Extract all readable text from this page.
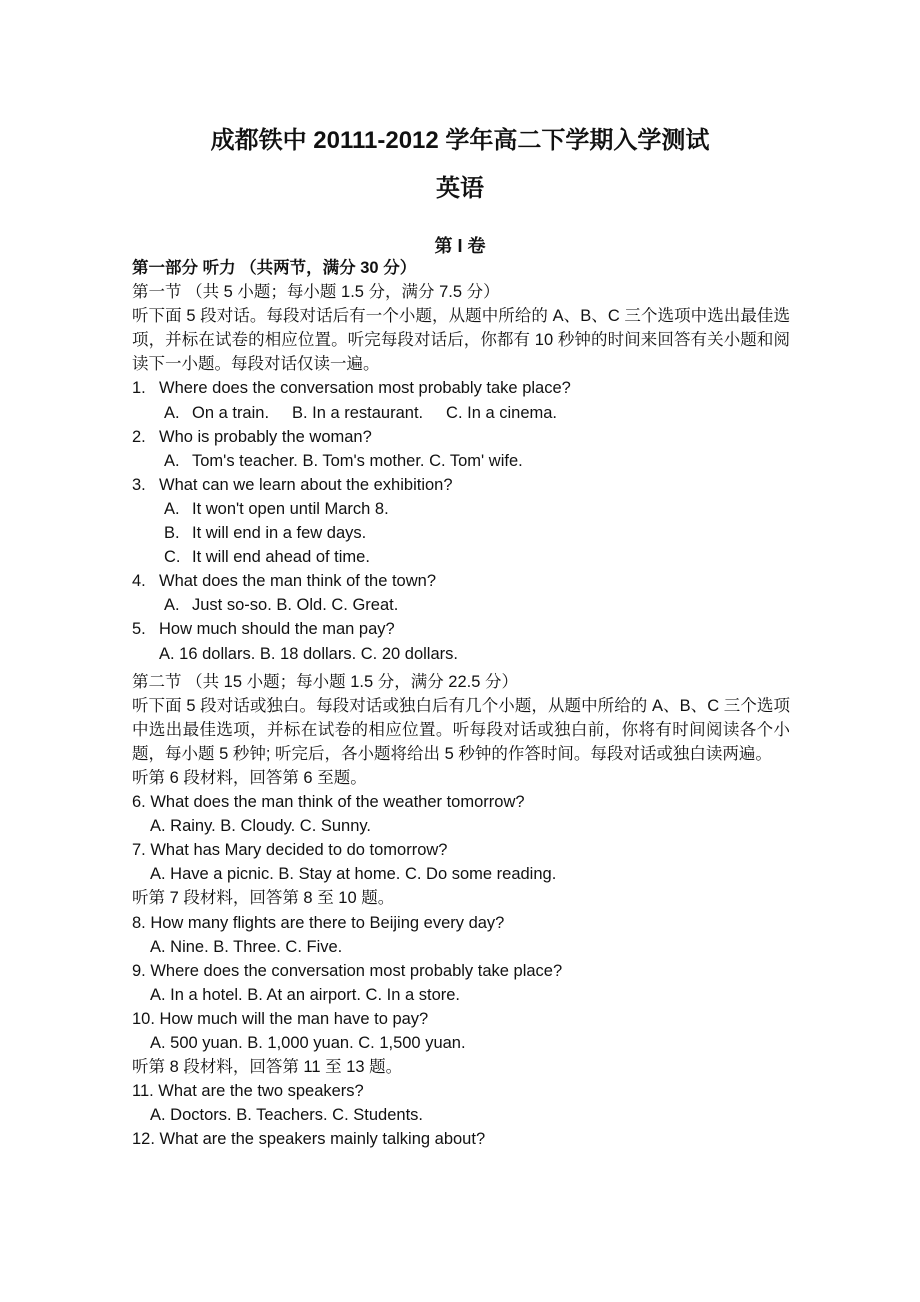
成都铁中 20111-2012 学年高二下学期入学测试
英语
第 I 卷
第一部分 听力 （共两节，满分 30 分）
第一节 （共 5 小题；每小题 1.5 分，满分 7.5 分）
听下面 5 段对话。每段对话后有一个小题，从题中所给的 A、B、C 三个选项中选出最佳选项，并标在试卷的相应位置。听完每段对话后，你都有 10 秒钟的时间来回答有关小题和阅读下一小题。每段对话仅读一遍。
1. Where does the conversation most probably take place?
A. On a train.     B. In a restaurant.     C. In a cinema.
2. Who is probably the woman?
A. Tom's teacher. B. Tom's mother. C. Tom' wife.
3. What can we learn about the exhibition?
A. It won't open until March 8.
B. It will end in a few days.
C. It will end ahead of time.
4. What does the man think of the town?
A. Just so-so. B. Old. C. Great.
5. How much should the man pay?
A. 16 dollars. B. 18 dollars. C. 20 dollars.
第二节 （共 15 小题；每小题 1.5 分，满分 22.5 分）
听下面 5 段对话或独白。每段对话或独白后有几个小题，从题中所给的 A、B、C 三个选项中选出最佳选项，并标在试卷的相应位置。听每段对话或独白前，你将有时间阅读各个小题，每小题 5 秒钟; 听完后，各小题将给出 5 秒钟的作答时间。每段对话或独白读两遍。
听第 6 段材料，回答第 6 至题。
6. What does the man think of the weather tomorrow?
A. Rainy. B. Cloudy. C. Sunny.
7. What has Mary decided to do tomorrow?
A. Have a picnic. B. Stay at home. C. Do some reading.
听第 7 段材料，回答第 8 至 10 题。
8. How many flights are there to Beijing every day?
A. Nine. B. Three. C. Five.
9. Where does the conversation most probably take place?
A. In a hotel. B. At an airport. C. In a store.
10. How much will the man have to pay?
A. 500 yuan. B. 1,000 yuan. C. 1,500 yuan.
听第 8 段材料，回答第 11 至 13 题。
11. What are the two speakers?
A. Doctors. B. Teachers. C. Students.
12. What are the speakers mainly talking about?
